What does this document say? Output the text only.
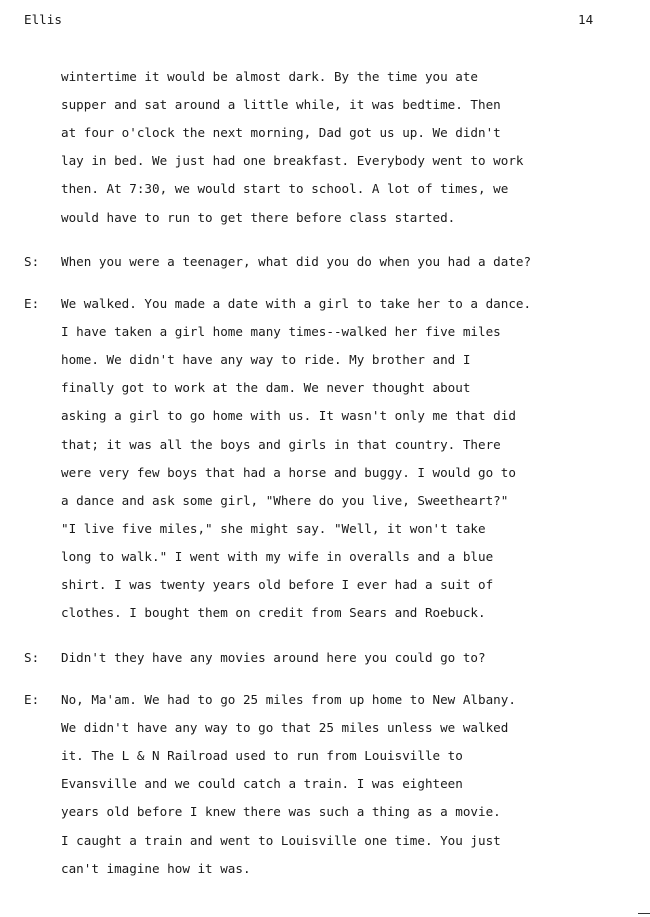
Ellis	14
wintertime it would be almost dark. By the time you ate
supper and sat around a little while, it was bedtime. Then
at four o'clock the next morning, Dad got us up. We didn't
lay in bed. We just had one breakfast. Everybody went to work
then. At 7:30, we would start to school. A lot of times, we
would have to run to get there before class started.
S: When you were a teenager, what did you do when you had a date?
E: We walked. You made a date with a girl to take her to a dance.
I have taken a girl home many times--walked her five miles
home. We didn't have any way to ride. My brother and I
finally got to work at the dam. We never thought about
asking a girl to go home with us. It wasn't only me that did
that; it was all the boys and girls in that country. There
were very few boys that had a horse and buggy. I would go to
a dance and ask some girl, "Where do you live, Sweetheart?"
"I live five miles," she might say. "Well, it won't take
long to walk." I went with my wife in overalls and a blue
shirt. I was twenty years old before I ever had a suit of
clothes. I bought them on credit from Sears and Roebuck.
S: Didn't they have any movies around here you could go to?
E: No, Ma'am. We had to go 25 miles from up home to New Albany.
We didn't have any way to go that 25 miles unless we walked
it. The L & N Railroad used to run from Louisville to
Evansville and we could catch a train. I was eighteen
years old before I knew there was such a thing as a movie.
I caught a train and went to Louisville one time. You just
can't imagine how it was.
